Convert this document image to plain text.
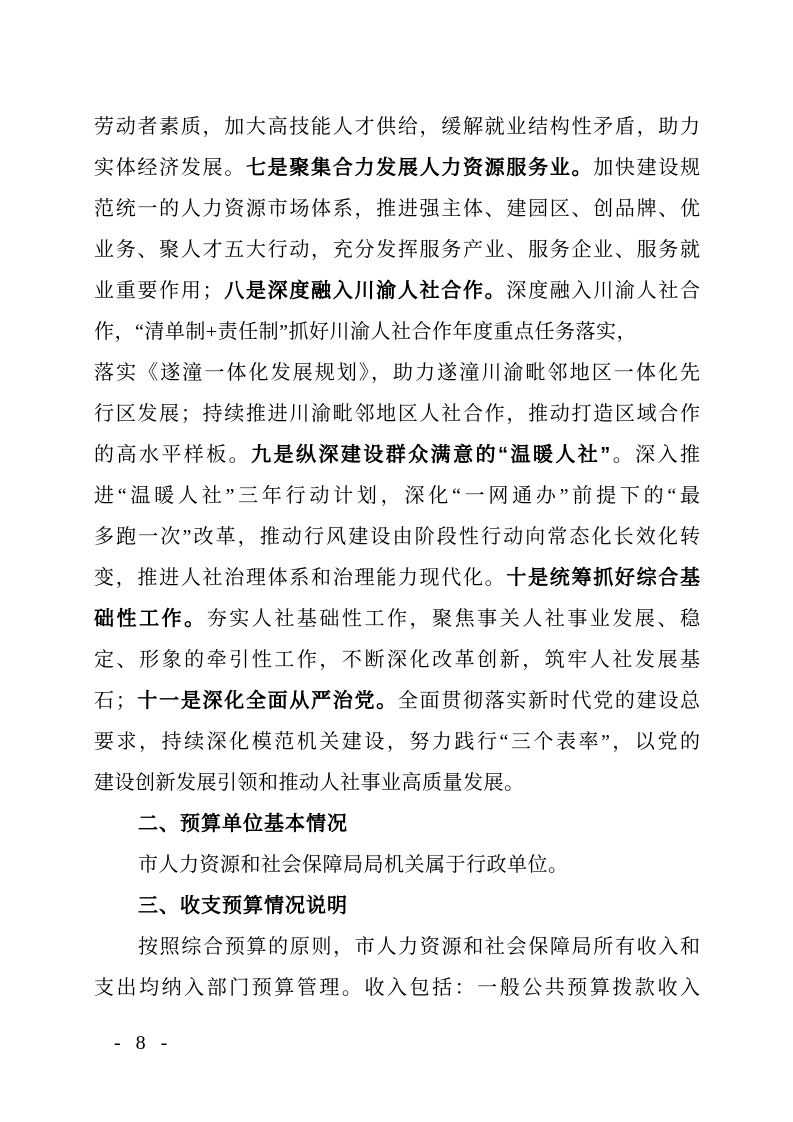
劳动者素质，加大高技能人才供给，缓解就业结构性矛盾，助力
实体经济发展。七是聚集合力发展人力资源服务业。加快建设规
范统一的人力资源市场体系，推进强主体、建园区、创品牌、优
业务、聚人才五大行动，充分发挥服务产业、服务企业、服务就
业重要作用；八是深度融入川渝人社合作。深度融入川渝人社合
作，“清单制+责任制”抓好川渝人社合作年度重点任务落实，
落实《遂潼一体化发展规划》，助力遂潼川渝毗邻地区一体化先
行区发展；持续推进川渝毗邻地区人社合作，推动打造区域合作
的高水平样板。九是纵深建设群众满意的“温暖人社”。深入推
进“温暖人社”三年行动计划，深化“一网通办”前提下的“最
多跑一次”改革，推动行风建设由阶段性行动向常态化长效化转
变，推进人社治理体系和治理能力现代化。十是统筹抓好综合基
础性工作。夯实人社基础性工作，聚焦事关人社事业发展、稳
定、形象的牵引性工作，不断深化改革创新，筑牢人社发展基
石；十一是深化全面从严治党。全面贯彻落实新时代党的建设总
要求，持续深化模范机关建设，努力践行“三个表率”，以党的
建设创新发展引领和推动人社事业高质量发展。
二、预算单位基本情况
市人力资源和社会保障局局机关属于行政单位。
三、收支预算情况说明
按照综合预算的原则，市人力资源和社会保障局所有收入和
支出均纳入部门预算管理。收入包括：一般公共预算拨款收入
- 8 -
